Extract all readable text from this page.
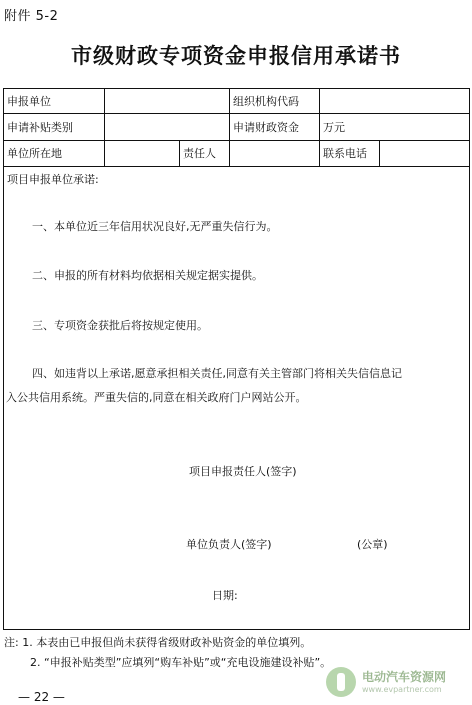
附件 5-2
市级财政专项资金申报信用承诺书
申报单位	组织机构代码
申请补贴类别	申请财政资金 万元
单位所在地	责任人	联系电话
项目申报单位承诺:
一、本单位近三年信用状况良好,无严重失信行为。
二、申报的所有材料均依据相关规定据实提供。
三、专项资金获批后将按规定使用。
四、如违背以上承诺,愿意承担相关责任,同意有关主管部门将相关失信信息记
入公共信用系统。严重失信的,同意在相关政府门户网站公开。
项目申报责任人(签字)
单位负责人(签字)	(公章)
日期:
注: 1. 本表由已申报但尚未获得省级财政补贴资金的单位填列。
2. “申报补贴类型”应填列“购车补贴”或“充电设施建设补贴”。
— 22 —
电动汽车资源网
www.evpartner.com
